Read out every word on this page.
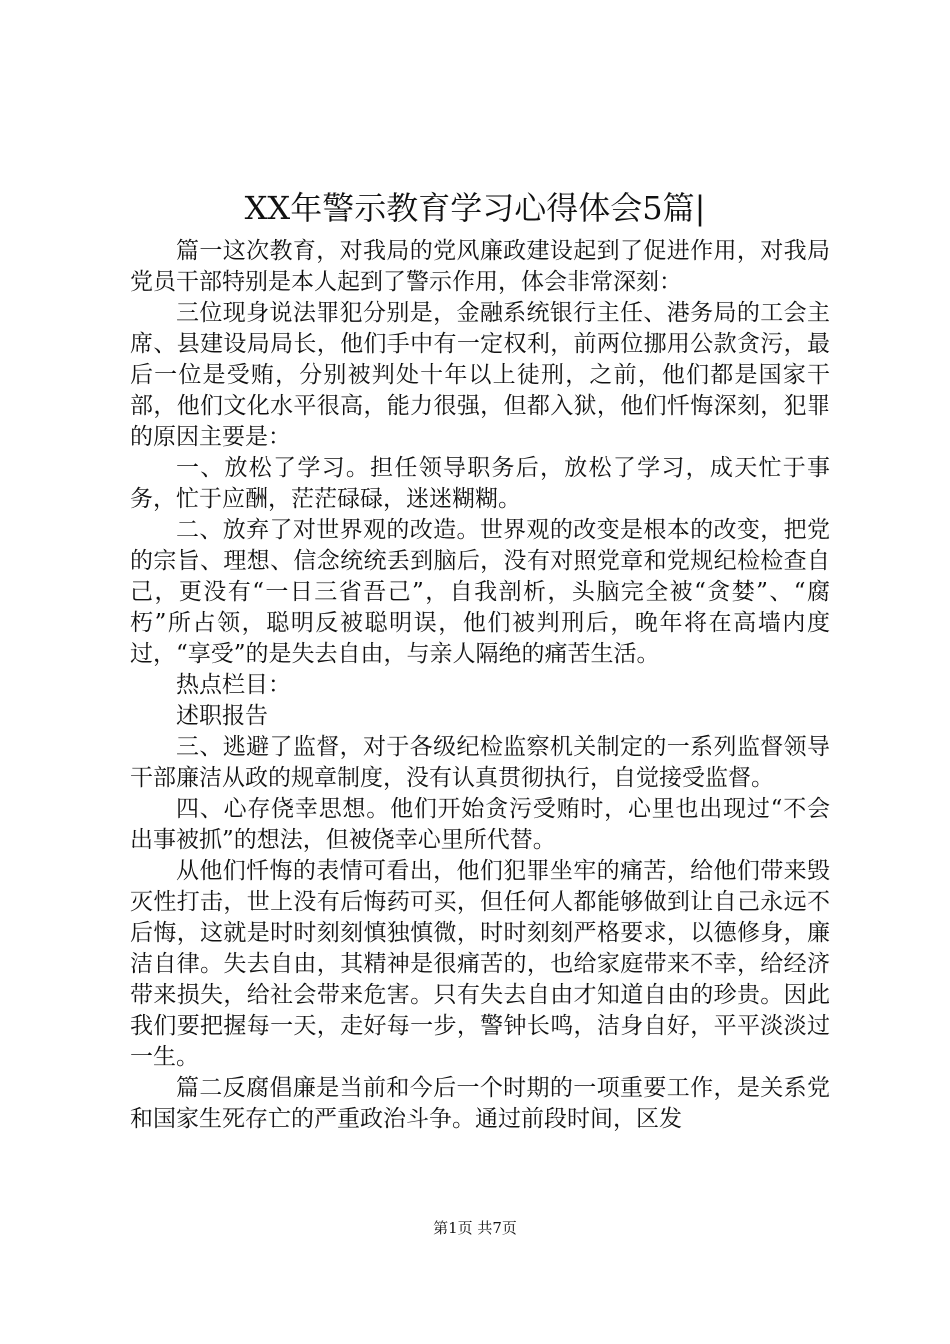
XX年警示教育学习心得体会5篇|

篇一这次教育，对我局的党风廉政建设起到了促进作用，对我局党员干部特别是本人起到了警示作用，体会非常深刻：

三位现身说法罪犯分别是，金融系统银行主任、港务局的工会主席、县建设局局长，他们手中有一定权利，前两位挪用公款贪污，最后一位是受贿，分别被判处十年以上徒刑，之前，他们都是国家干部，他们文化水平很高，能力很强，但都入狱，他们忏悔深刻，犯罪的原因主要是：

一、放松了学习。担任领导职务后，放松了学习，成天忙于事务，忙于应酬，茫茫碌碌，迷迷糊糊。

二、放弃了对世界观的改造。世界观的改变是根本的改变，把党的宗旨、理想、信念统统丢到脑后，没有对照党章和党规纪检检查自己，更没有“一日三省吾己”，自我剖析，头脑完全被“贪婪”、“腐朽”所占领，聪明反被聪明误，他们被判刑后，晚年将在高墙内度过，“享受”的是失去自由，与亲人隔绝的痛苦生活。

热点栏目：

述职报告

三、逃避了监督，对于各级纪检监察机关制定的一系列监督领导干部廉洁从政的规章制度，没有认真贯彻执行，自觉接受监督。

四、心存侥幸思想。他们开始贪污受贿时，心里也出现过“不会出事被抓”的想法，但被侥幸心里所代替。

从他们忏悔的表情可看出，他们犯罪坐牢的痛苦，给他们带来毁灭性打击，世上没有后悔药可买，但任何人都能够做到让自己永远不后悔，这就是时时刻刻慎独慎微，时时刻刻严格要求，以德修身，廉洁自律。失去自由，其精神是很痛苦的，也给家庭带来不幸，给经济带来损失，给社会带来危害。只有失去自由才知道自由的珍贵。因此我们要把握每一天，走好每一步，警钟长鸣，洁身自好，平平淡淡过一生。

篇二反腐倡廉是当前和今后一个时期的一项重要工作，是关系党和国家生死存亡的严重政治斗争。通过前段时间，区发

第1页 共7页
